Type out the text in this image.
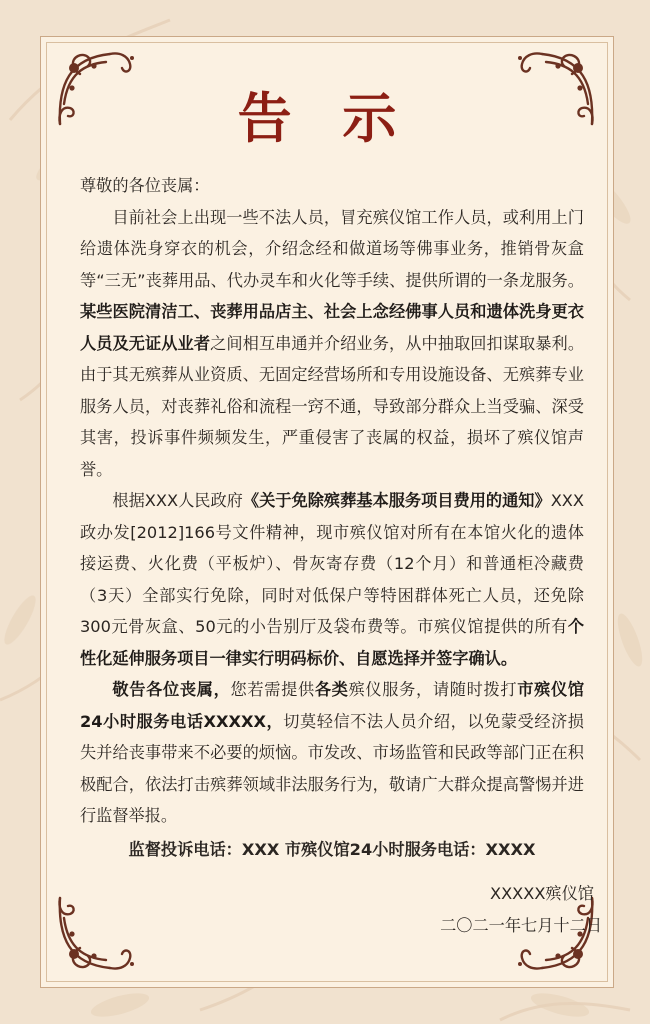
告 示

尊敬的各位丧属：

目前社会上出现一些不法人员，冒充殡仪馆工作人员，或利用上门给遗体洗身穿衣的机会，介绍念经和做道场等佛事业务，推销骨灰盒等“三无”丧葬用品、代办灵车和火化等手续、提供所谓的一条龙服务。某些医院清洁工、丧葬用品店主、社会上念经佛事人员和遗体洗身更衣人员及无证从业者之间相互串通并介绍业务，从中抽取回扣谋取暴利。由于其无殡葬从业资质、无固定经营场所和专用设施设备、无殡葬专业服务人员，对丧葬礼俗和流程一窍不通，导致部分群众上当受骗、深受其害，投诉事件频频发生，严重侵害了丧属的权益，损坏了殡仪馆声誉。

根据XXX人民政府《关于免除殡葬基本服务项目费用的通知》XXX政办发[2012]166号文件精神，现市殡仪馆对所有在本馆火化的遗体接运费、火化费（平板炉）、骨灰寄存费（12个月）和普通柜冷藏费（3天）全部实行免除，同时对低保户等特困群体死亡人员，还免除300元骨灰盒、50元的小告别厅及袋布费等。市殡仪馆提供的所有个性化延伸服务项目一律实行明码标价、自愿选择并签字确认。

敬告各位丧属，您若需提供各类殡仪服务，请随时拨打市殡仪馆24小时服务电话XXXXX，切莫轻信不法人员介绍，以免蒙受经济损失并给丧事带来不必要的烦恼。市发改、市场监管和民政等部门正在积极配合，依法打击殡葬领域非法服务行为，敬请广大群众提高警惕并进行监督举报。

监督投诉电话：XXX 市殡仪馆24小时服务电话：XXXX

XXXXX殡仪馆
二〇二一年七月十二日
